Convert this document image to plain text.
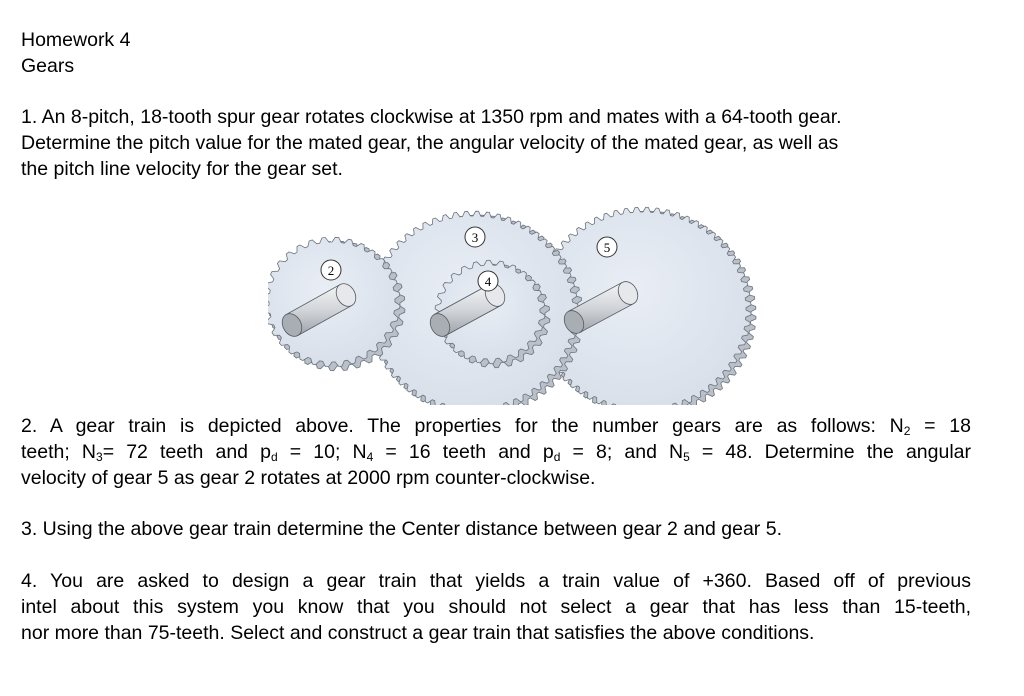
Homework 4
Gears
1. An 8-pitch, 18-tooth spur gear rotates clockwise at 1350 rpm and mates with a 64-tooth gear.
Determine the pitch value for the mated gear, the angular velocity of the mated gear, as well as
the pitch line velocity for the gear set.
2
3
4
5
2. A gear train is depicted above. The properties for the number gears are as follows: $N_2 = 18$
teeth; $N_3= 72$ teeth and $p_d = 10$; $N_4 = 16$ teeth and $p_d = 8$; and $N_5 = 48$. Determine the angular
velocity of gear 5 as gear 2 rotates at 2000 rpm counter-clockwise.
3. Using the above gear train determine the Center distance between gear 2 and gear 5.
4. You are asked to design a gear train that yields a train value of +360. Based off of previous
intel about this system you know that you should not select a gear that has less than 15-teeth,
nor more than 75-teeth. Select and construct a gear train that satisfies the above conditions.
